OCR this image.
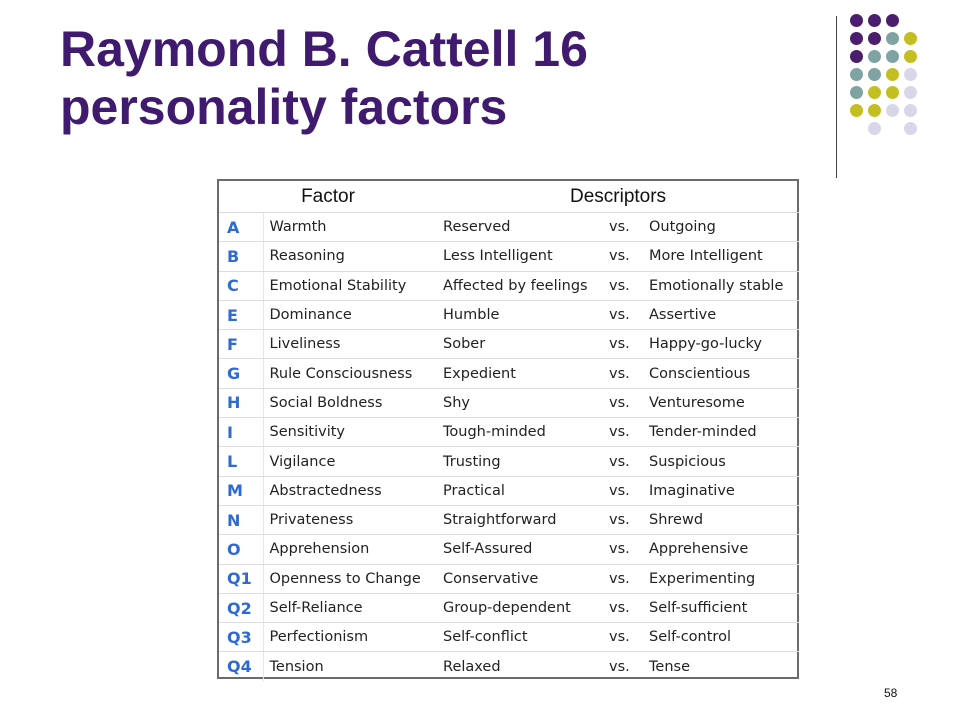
Raymond B. Cattell 16 personality factors
Factor		Descriptors		
A	Warmth	Reserved	vs.	Outgoing
B	Reasoning	Less Intelligent	vs.	More Intelligent
C	Emotional Stability	Affected by feelings	vs.	Emotionally stable
E	Dominance	Humble	vs.	Assertive
F	Liveliness	Sober	vs.	Happy-go-lucky
G	Rule Consciousness	Expedient	vs.	Conscientious
H	Social Boldness	Shy	vs.	Venturesome
I	Sensitivity	Tough-minded	vs.	Tender-minded
L	Vigilance	Trusting	vs.	Suspicious
M	Abstractedness	Practical	vs.	Imaginative
N	Privateness	Straightforward	vs.	Shrewd
O	Apprehension	Self-Assured	vs.	Apprehensive
Q1	Openness to Change	Conservative	vs.	Experimenting
Q2	Self-Reliance	Group-dependent	vs.	Self-sufficient
Q3	Perfectionism	Self-conflict	vs.	Self-control
Q4	Tension	Relaxed	vs.	Tense
58
